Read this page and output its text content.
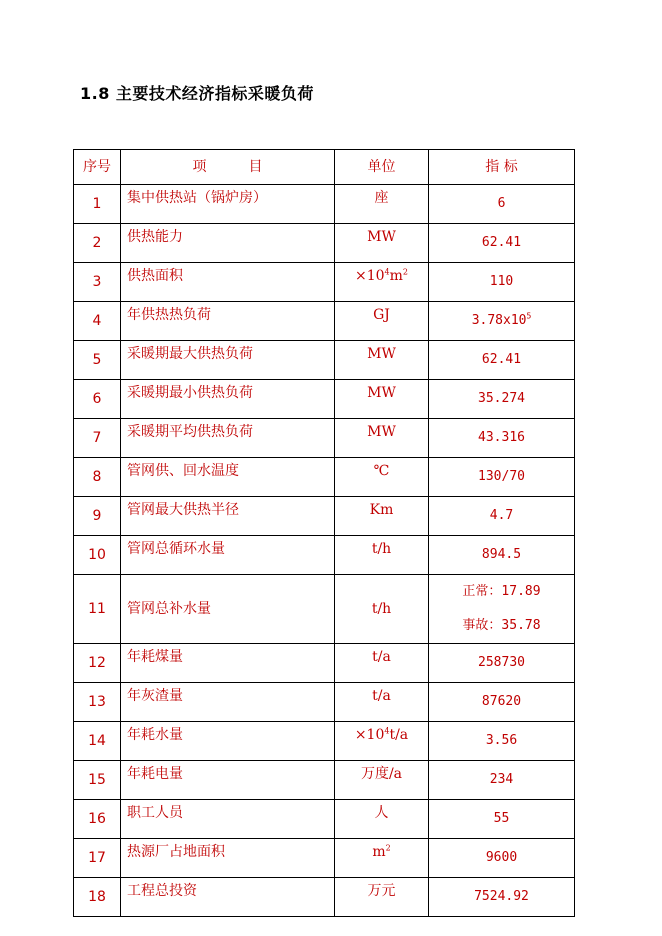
1.8 主要技术经济指标采暖负荷
序号	项　　　目	单位	指 标
1	集中供热站（锅炉房）	座	6
2	供热能力	MW	62.41
3	供热面积	$\times 10^4m^2$	110
4	年供热热负荷	GJ	$3.78x10^5$
5	采暖期最大供热负荷	MW	62.41
6	采暖期最小供热负荷	MW	35.274
7	采暖期平均供热负荷	MW	43.316
8	管网供、回水温度	℃	130/70
9	管网最大供热半径	Km	4.7
10	管网总循环水量	t/h	894.5
11	管网总补水量	t/h	正常：17.89
事故：35.78

12	年耗煤量	t/a	258730
13	年灰渣量	t/a	87620
14	年耗水量	$\times 10^4t/a$	3.56
15	年耗电量	万度/a	234
16	职工人员	人	55
17	热源厂占地面积	$m^2$	9600
18	工程总投资	万元	7524.92
